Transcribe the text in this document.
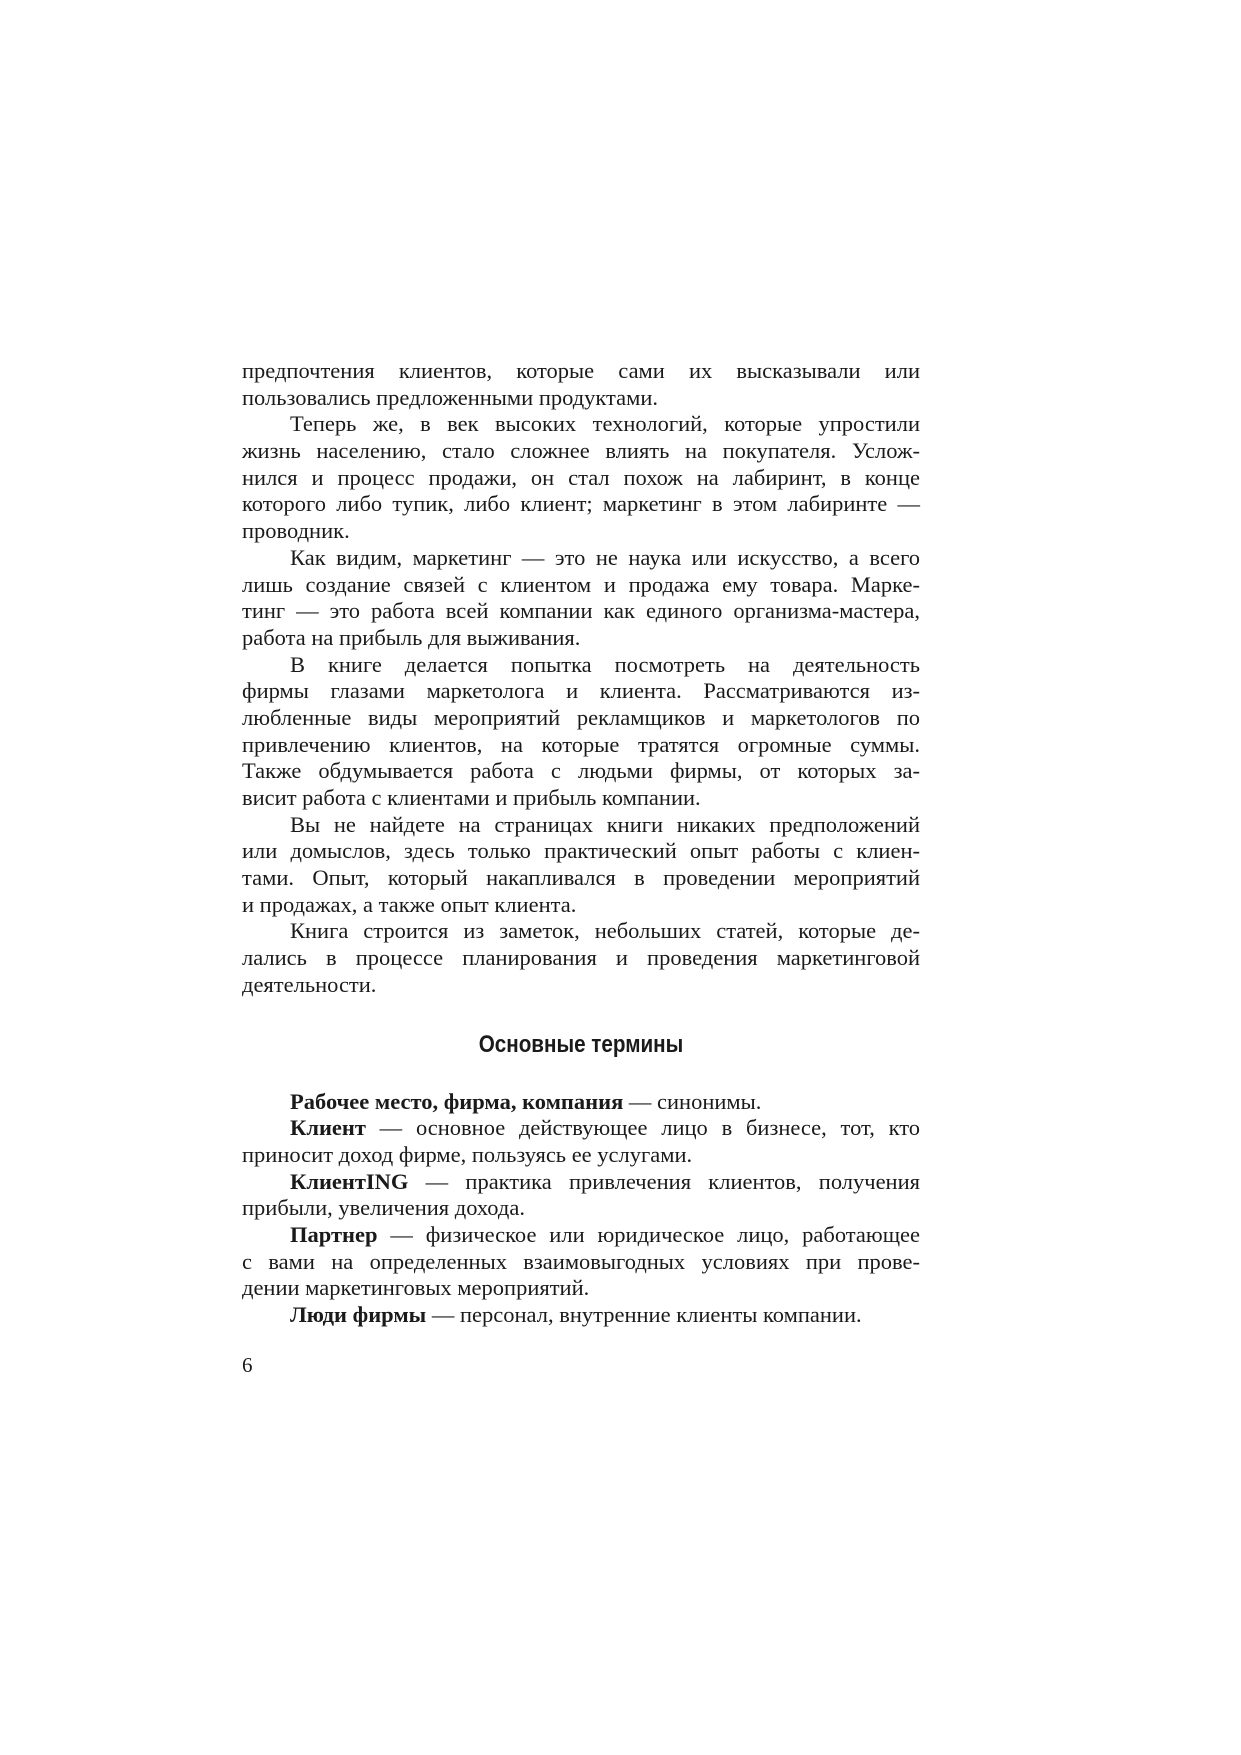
предпочтения клиентов, которые сами их высказывали или
пользовались предложенными продуктами.
Теперь же, в век высоких технологий, которые упростили
жизнь населению, стало сложнее влиять на покупателя. Услож-
нился и процесс продажи, он стал похож на лабиринт, в конце
которого либо тупик, либо клиент; маркетинг в этом лабиринте —
проводник.
Как видим, маркетинг — это не наука или искусство, а всего
лишь создание связей с клиентом и продажа ему товара. Марке-
тинг — это работа всей компании как единого организма-мастера,
работа на прибыль для выживания.
В книге делается попытка посмотреть на деятельность
фирмы глазами маркетолога и клиента. Рассматриваются из-
любленные виды мероприятий рекламщиков и маркетологов по
привлечению клиентов, на которые тратятся огромные суммы.
Также обдумывается работа с людьми фирмы, от которых за-
висит работа с клиентами и прибыль компании.
Вы не найдете на страницах книги никаких предположений
или домыслов, здесь только практический опыт работы с клиен-
тами. Опыт, который накапливался в проведении мероприятий
и продажах, а также опыт клиента.
Книга строится из заметок, небольших статей, которые де-
лались в процессе планирования и проведения маркетинговой
деятельности.
Основные термины
Рабочее место, фирма, компания — синонимы.
Клиент — основное действующее лицо в бизнесе, тот, кто
приносит доход фирме, пользуясь ее услугами.
КлиентING — практика привлечения клиентов, получения
прибыли, увеличения дохода.
Партнер — физическое или юридическое лицо, работающее
с вами на определенных взаимовыгодных условиях при прове-
дении маркетинговых мероприятий.
Люди фирмы — персонал, внутренние клиенты компании.
6
